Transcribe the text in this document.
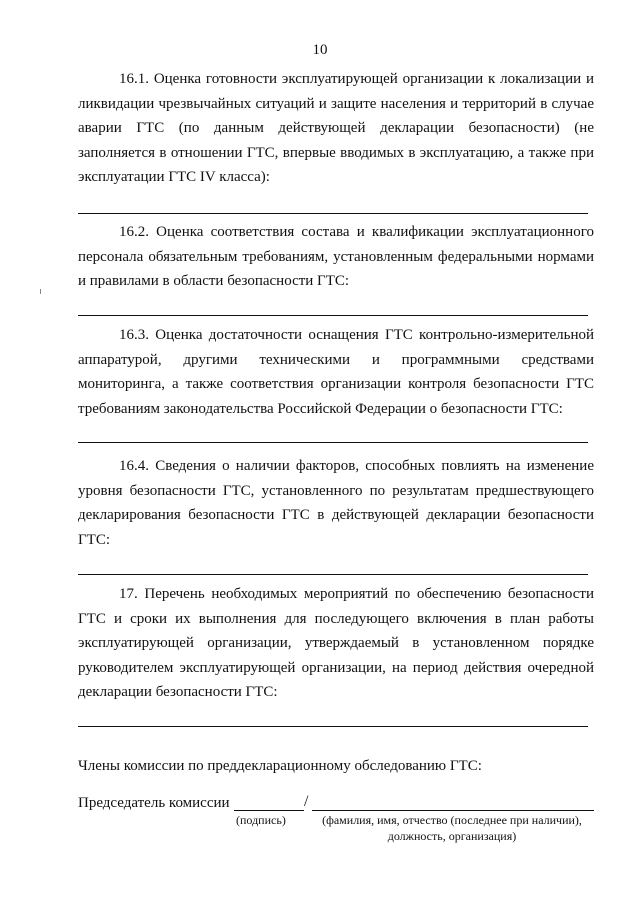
10

16.1. Оценка готовности эксплуатирующей организации к локализации и ликвидации чрезвычайных ситуаций и защите населения и территорий в случае аварии ГТС (по данным действующей декларации безопасности) (не заполняется в отношении ГТС, впервые вводимых в эксплуатацию, а также при эксплуатации ГТС IV класса):

16.2. Оценка соответствия состава и квалификации эксплуатационного персонала обязательным требованиям, установленным федеральными нормами и правилами в области безопасности ГТС:

16.3. Оценка достаточности оснащения ГТС контрольно-измерительной аппаратурой, другими техническими и программными средствами мониторинга, а также соответствия организации контроля безопасности ГТС требованиям законодательства Российской Федерации о безопасности ГТС:

16.4. Сведения о наличии факторов, способных повлиять на изменение уровня безопасности ГТС, установленного по результатам предшествующего декларирования безопасности ГТС в действующей декларации безопасности ГТС:

17. Перечень необходимых мероприятий по обеспечению безопасности ГТС и сроки их выполнения для последующего включения в план работы эксплуатирующей организации, утверждаемый в установленном порядке руководителем эксплуатирующей организации, на период действия очередной декларации безопасности ГТС:

Члены комиссии по преддекларационному обследованию ГТС:
Председатель комиссии	/
(подпись)	(фамилия, имя, отчество (последнее при наличии),
должность, организация)
